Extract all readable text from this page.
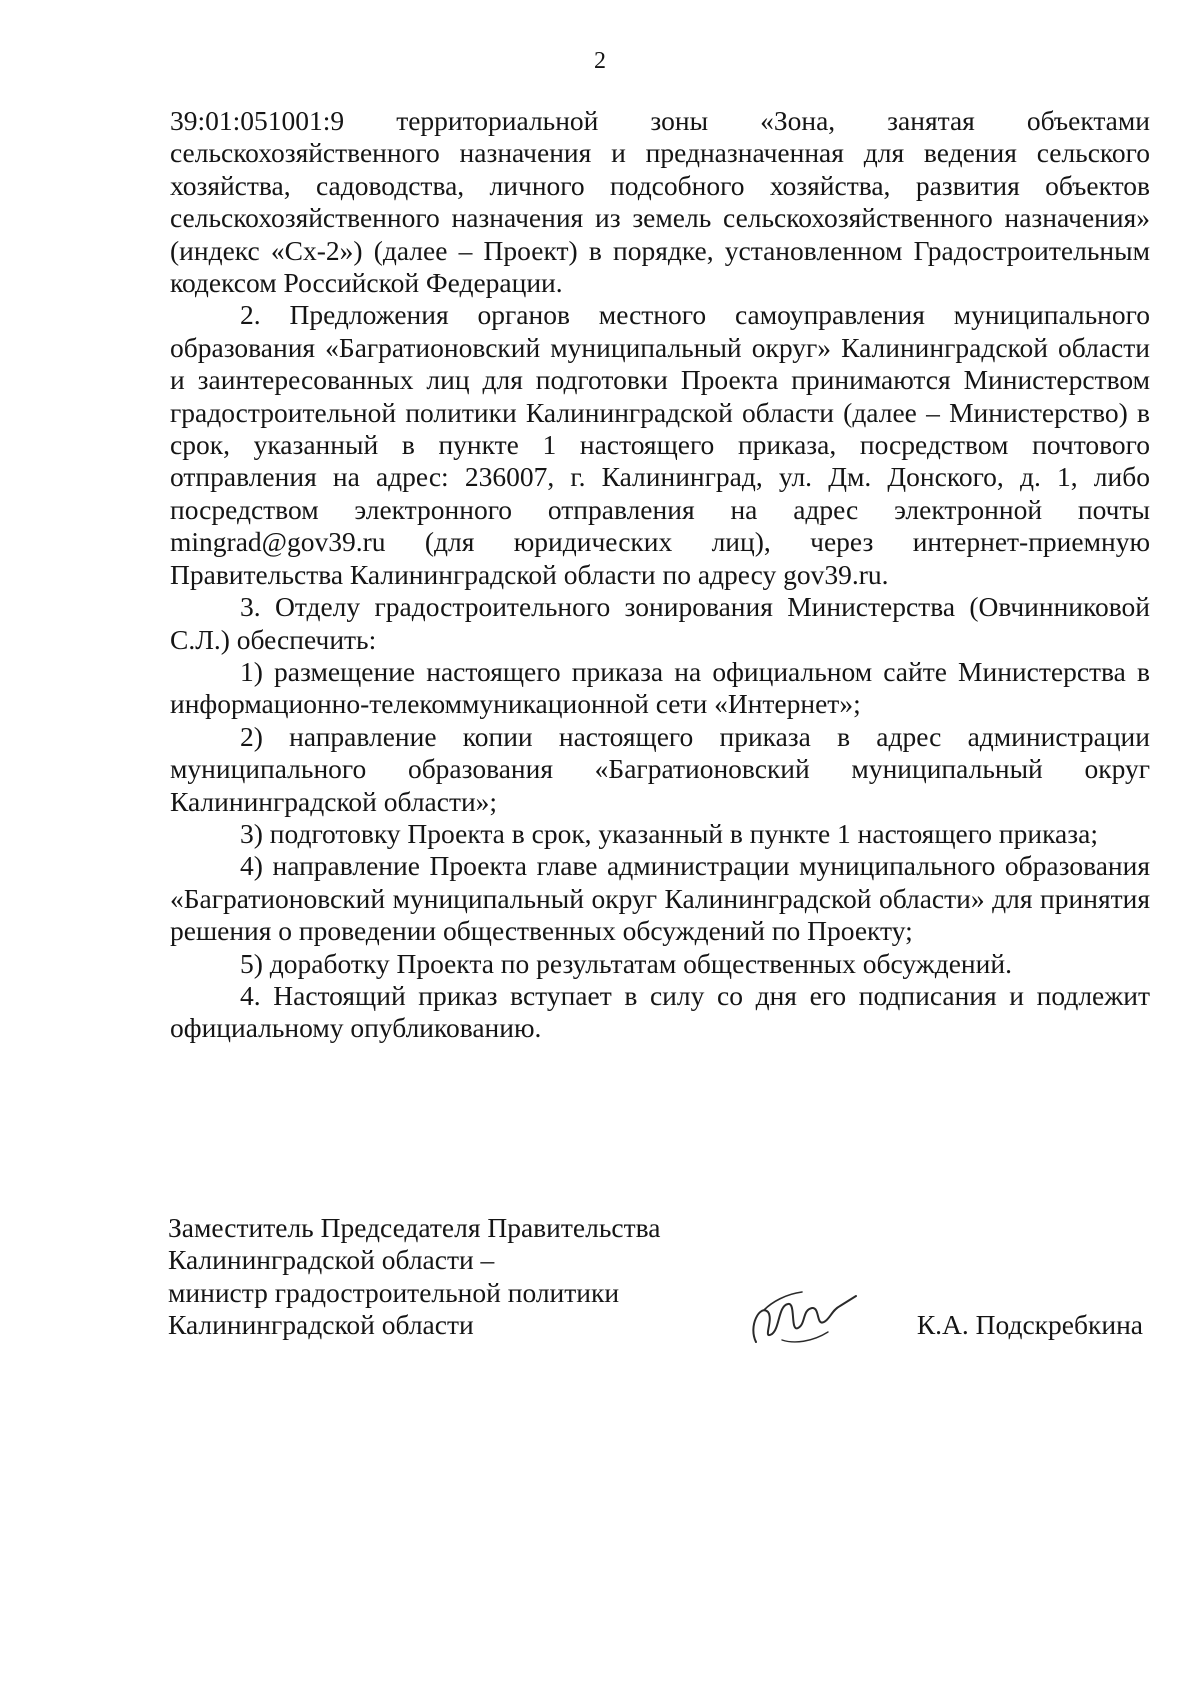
2

39:01:051001:9 территориальной зоны «Зона, занятая объектами сельскохозяйственного назначения и предназначенная для ведения сельского хозяйства, садоводства, личного подсобного хозяйства, развития объектов сельскохозяйственного назначения из земель сельскохозяйственного назначения» (индекс «Сх-2») (далее – Проект) в порядке, установленном Градостроительным кодексом Российской Федерации.

2. Предложения органов местного самоуправления муниципального образования «Багратионовский муниципальный округ» Калининградской области и заинтересованных лиц для подготовки Проекта принимаются Министерством градостроительной политики Калининградской области (далее – Министерство) в срок, указанный в пункте 1 настоящего приказа, посредством почтового отправления на адрес: 236007, г. Калининград, ул. Дм. Донского, д. 1, либо посредством электронного отправления на адрес электронной почты mingrad@gov39.ru (для юридических лиц), через интернет-приемную Правительства Калининградской области по адресу gov39.ru.

3. Отделу градостроительного зонирования Министерства (Овчинниковой С.Л.) обеспечить:

1) размещение настоящего приказа на официальном сайте Министерства в информационно-телекоммуникационной сети «Интернет»;

2) направление копии настоящего приказа в адрес администрации муниципального образования «Багратионовский муниципальный округ Калининградской области»;

3) подготовку Проекта в срок, указанный в пункте 1 настоящего приказа;

4) направление Проекта главе администрации муниципального образования «Багратионовский муниципальный округ Калининградской области» для принятия решения о проведении общественных обсуждений по Проекту;

5) доработку Проекта по результатам общественных обсуждений.

4. Настоящий приказ вступает в силу со дня его подписания и подлежит официальному опубликованию.

Заместитель Председателя Правительства
Калининградской области –
министр градостроительной политики
Калининградской области	К.А. Подскребкина
